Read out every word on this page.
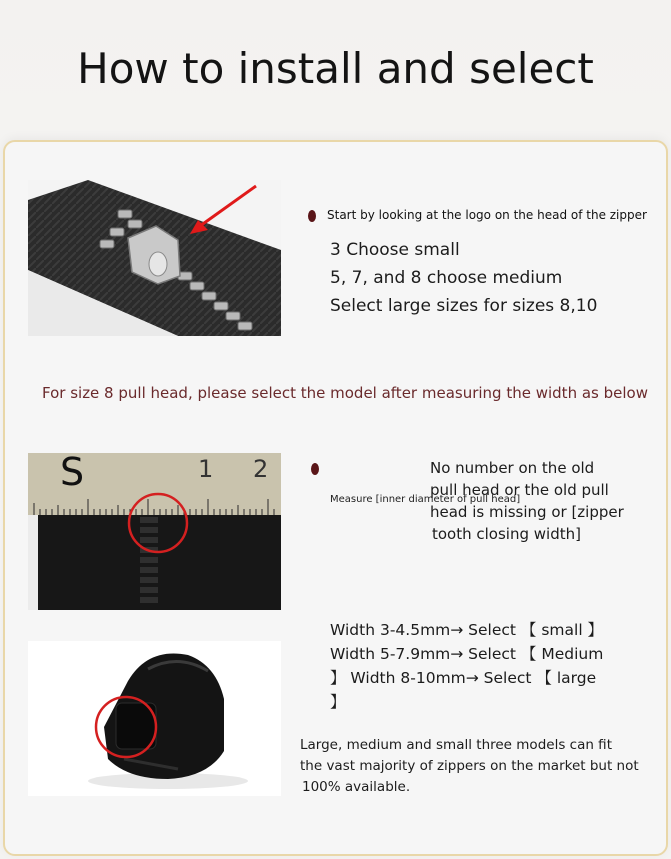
How to install and select
Start by looking at the logo on the head of the zipper
3 Choose small
5, 7, and 8 choose medium
Select large sizes for sizes 8,10
For size 8 pull head, please select the model after measuring the width as below
1 2
S
Measure [inner diameter of pull head]
No number on the old
pull head or the old pull
head is missing or [zipper
tooth closing width]
Width 3-4.5mm→ Select 【 small 】
Width 5-7.9mm→ Select 【 Medium
】 Width 8-10mm→ Select 【 large
】
Large, medium and small three models can fit
the vast majority of zippers on the market but not
100% available.
